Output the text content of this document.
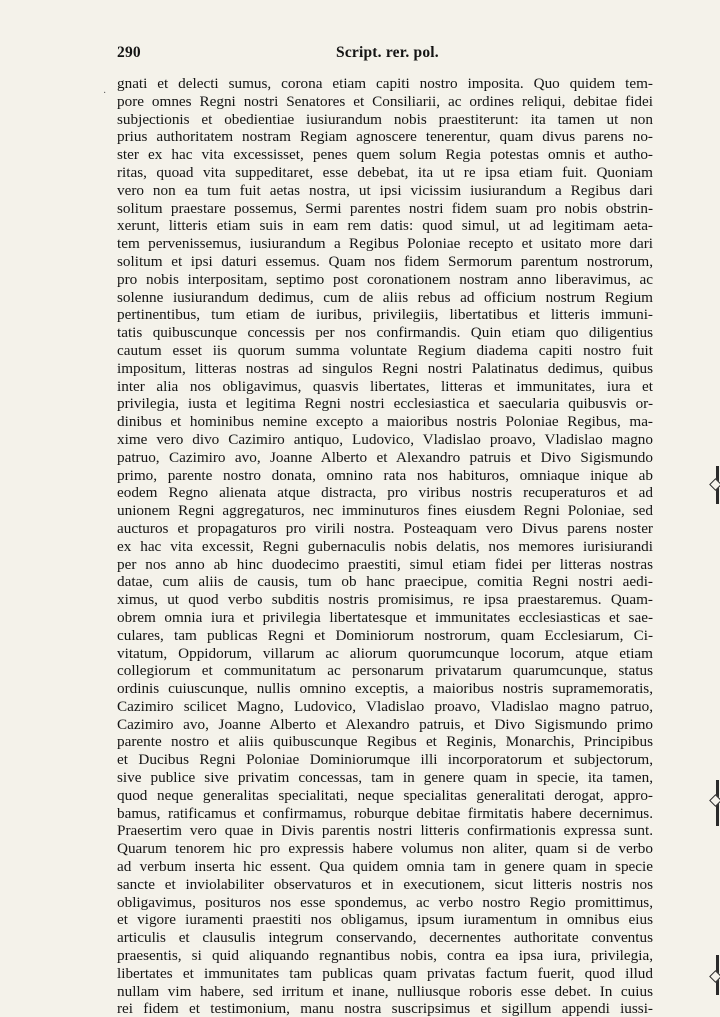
290	Script. rer. pol.
·
gnati et delecti sumus, corona etiam capiti nostro imposita. Quo quidem tem-
pore omnes Regni nostri Senatores et Consiliarii, ac ordines reliqui, debitae fidei
subjectionis et obedientiae iusiurandum nobis praestiterunt: ita tamen ut non
prius authoritatem nostram Regiam agnoscere tenerentur, quam divus parens no-
ster ex hac vita excessisset, penes quem solum Regia potestas omnis et autho-
ritas, quoad vita suppeditaret, esse debebat, ita ut re ipsa etiam fuit. Quoniam
vero non ea tum fuit aetas nostra, ut ipsi vicissim iusiurandum a Regibus dari
solitum praestare possemus, Sermi parentes nostri fidem suam pro nobis obstrin-
xerunt, litteris etiam suis in eam rem datis: quod simul, ut ad legitimam aeta-
tem pervenissemus, iusiurandum a Regibus Poloniae recepto et usitato more dari
solitum et ipsi daturi essemus. Quam nos fidem Sermorum parentum nostrorum,
pro nobis interpositam, septimo post coronationem nostram anno liberavimus, ac
solenne iusiurandum dedimus, cum de aliis rebus ad officium nostrum Regium
pertinentibus, tum etiam de iuribus, privilegiis, libertatibus et litteris immuni-
tatis quibuscunque concessis per nos confirmandis. Quin etiam quo diligentius
cautum esset iis quorum summa voluntate Regium diadema capiti nostro fuit
impositum, litteras nostras ad singulos Regni nostri Palatinatus dedimus, quibus
inter alia nos obligavimus, quasvis libertates, litteras et immunitates, iura et
privilegia, iusta et legitima Regni nostri ecclesiastica et saecularia quibusvis or-
dinibus et hominibus nemine excepto a maioribus nostris Poloniae Regibus, ma-
xime vero divo Cazimiro antiquo, Ludovico, Vladislao proavo, Vladislao magno
patruo, Cazimiro avo, Joanne Alberto et Alexandro patruis et Divo Sigismundo
primo, parente nostro donata, omnino rata nos habituros, omniaque inique ab
eodem Regno alienata atque distracta, pro viribus nostris recuperaturos et ad
unionem Regni aggregaturos, nec imminuturos fines eiusdem Regni Poloniae, sed
aucturos et propagaturos pro virili nostra. Posteaquam vero Divus parens noster
ex hac vita excessit, Regni gubernaculis nobis delatis, nos memores iurisiurandi
per nos anno ab hinc duodecimo praestiti, simul etiam fidei per litteras nostras
datae, cum aliis de causis, tum ob hanc praecipue, comitia Regni nostri aedi-
ximus, ut quod verbo subditis nostris promisimus, re ipsa praestaremus. Quam-
obrem omnia iura et privilegia libertatesque et immunitates ecclesiasticas et sae-
culares, tam publicas Regni et Dominiorum nostrorum, quam Ecclesiarum, Ci-
vitatum, Oppidorum, villarum ac aliorum quorumcunque locorum, atque etiam
collegiorum et communitatum ac personarum privatarum quarumcunque, status
ordinis cuiuscunque, nullis omnino exceptis, a maioribus nostris supramemoratis,
Cazimiro scilicet Magno, Ludovico, Vladislao proavo, Vladislao magno patruo,
Cazimiro avo, Joanne Alberto et Alexandro patruis, et Divo Sigismundo primo
parente nostro et aliis quibuscunque Regibus et Reginis, Monarchis, Principibus
et Ducibus Regni Poloniae Dominiorumque illi incorporatorum et subjectorum,
sive publice sive privatim concessas, tam in genere quam in specie, ita tamen,
quod neque generalitas specialitati, neque specialitas generalitati derogat, appro-
bamus, ratificamus et confirmamus, roburque debitae firmitatis habere decernimus.
Praesertim vero quae in Divis parentis nostri litteris confirmationis expressa sunt.
Quarum tenorem hic pro expressis habere volumus non aliter, quam si de verbo
ad verbum inserta hic essent. Qua quidem omnia tam in genere quam in specie
sancte et inviolabiliter observaturos et in executionem, sicut litteris nostris nos
obligavimus, posituros nos esse spondemus, ac verbo nostro Regio promittimus,
et vigore iuramenti praestiti nos obligamus, ipsum iuramentum in omnibus eius
articulis et clausulis integrum conservando, decernentes authoritate conventus
praesentis, si quid aliquando regnantibus nobis, contra ea ipsa iura, privilegia,
libertates et immunitates tam publicas quam privatas factum fuerit, quod illud
nullam vim habere, sed irritum et inane, nulliusque roboris esse debet. In cuius
rei fidem et testimonium, manu nostra suscripsimus et sigillum appendi iussi-
